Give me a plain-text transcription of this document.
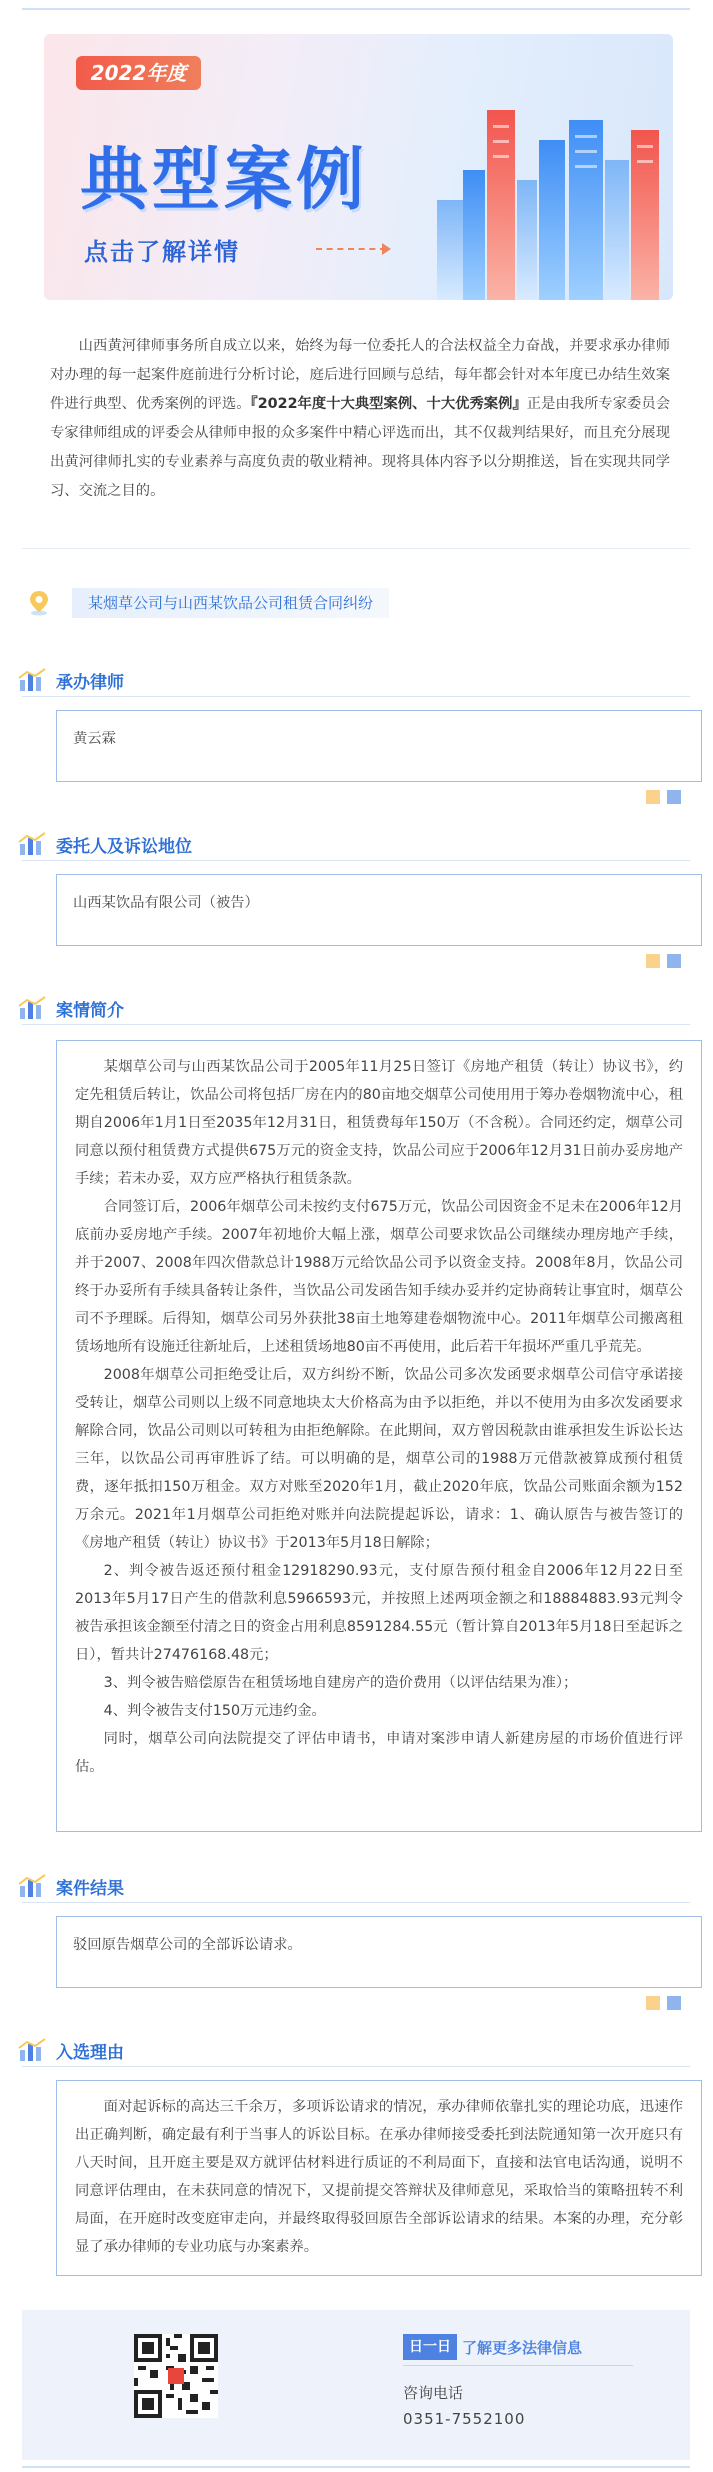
2022年度
典型案例
点击了解详情
山西黄河律师事务所自成立以来，始终为每一位委托人的合法权益全力奋战，并要求承办律师对办理的每一起案件庭前进行分析讨论，庭后进行回顾与总结，每年都会针对本年度已办结生效案件进行典型、优秀案例的评选。『2022年度十大典型案例、十大优秀案例』正是由我所专家委员会专家律师组成的评委会从律师申报的众多案件中精心评选而出，其不仅裁判结果好，而且充分展现出黄河律师扎实的专业素养与高度负责的敬业精神。现将具体内容予以分期推送，旨在实现共同学习、交流之目的。
某烟草公司与山西某饮品公司租赁合同纠纷
承办律师

黄云霖

委托人及诉讼地位

山西某饮品有限公司（被告）

案情简介

某烟草公司与山西某饮品公司于2005年11月25日签订《房地产租赁（转让）协议书》，约定先租赁后转让，饮品公司将包括厂房在内的80亩地交烟草公司使用用于筹办卷烟物流中心，租期自2006年1月1日至2035年12月31日，租赁费每年150万（不含税）。合同还约定，烟草公司同意以预付租赁费方式提供675万元的资金支持，饮品公司应于2006年12月31日前办妥房地产手续；若未办妥，双方应严格执行租赁条款。

合同签订后，2006年烟草公司未按约支付675万元，饮品公司因资金不足未在2006年12月底前办妥房地产手续。2007年初地价大幅上涨，烟草公司要求饮品公司继续办理房地产手续，并于2007、2008年四次借款总计1988万元给饮品公司予以资金支持。2008年8月，饮品公司终于办妥所有手续具备转让条件，当饮品公司发函告知手续办妥并约定协商转让事宜时，烟草公司不予理睬。后得知，烟草公司另外获批38亩土地筹建卷烟物流中心。2011年烟草公司搬离租赁场地所有设施迁往新址后，上述租赁场地80亩不再使用，此后若干年损坏严重几乎荒芜。

2008年烟草公司拒绝受让后，双方纠纷不断，饮品公司多次发函要求烟草公司信守承诺接受转让，烟草公司则以上级不同意地块太大价格高为由予以拒绝，并以不使用为由多次发函要求解除合同，饮品公司则以可转租为由拒绝解除。在此期间，双方曾因税款由谁承担发生诉讼长达三年，以饮品公司再审胜诉了结。可以明确的是，烟草公司的1988万元借款被算成预付租赁费，逐年抵扣150万租金。双方对账至2020年1月，截止2020年底，饮品公司账面余额为152万余元。2021年1月烟草公司拒绝对账并向法院提起诉讼，请求：1、确认原告与被告签订的《房地产租赁（转让）协议书》于2013年5月18日解除；

2、判令被告返还预付租金12918290.93元，支付原告预付租金自2006年12月22日至2013年5月17日产生的借款利息5966593元，并按照上述两项金额之和18884883.93元判令被告承担该金额至付清之日的资金占用利息8591284.55元（暂计算自2013年5月18日至起诉之日），暂共计27476168.48元；

3、判令被告赔偿原告在租赁场地自建房产的造价费用（以评估结果为准）；

4、判令被告支付150万元违约金。

同时，烟草公司向法院提交了评估申请书，申请对案涉申请人新建房屋的市场价值进行评估。

案件结果

驳回原告烟草公司的全部诉讼请求。

入选理由

面对起诉标的高达三千余万，多项诉讼请求的情况，承办律师依靠扎实的理论功底，迅速作出正确判断，确定最有利于当事人的诉讼目标。在承办律师接受委托到法院通知第一次开庭只有八天时间，且开庭主要是双方就评估材料进行质证的不利局面下，直接和法官电话沟通，说明不同意评估理由，在未获同意的情况下，又提前提交答辩状及律师意见，采取恰当的策略扭转不利局面，在开庭时改变庭审走向，并最终取得驳回原告全部诉讼请求的结果。本案的办理，充分彰显了承办律师的专业功底与办案素养。

日一日 了解更多法律信息
咨询电话
0351-7552100
